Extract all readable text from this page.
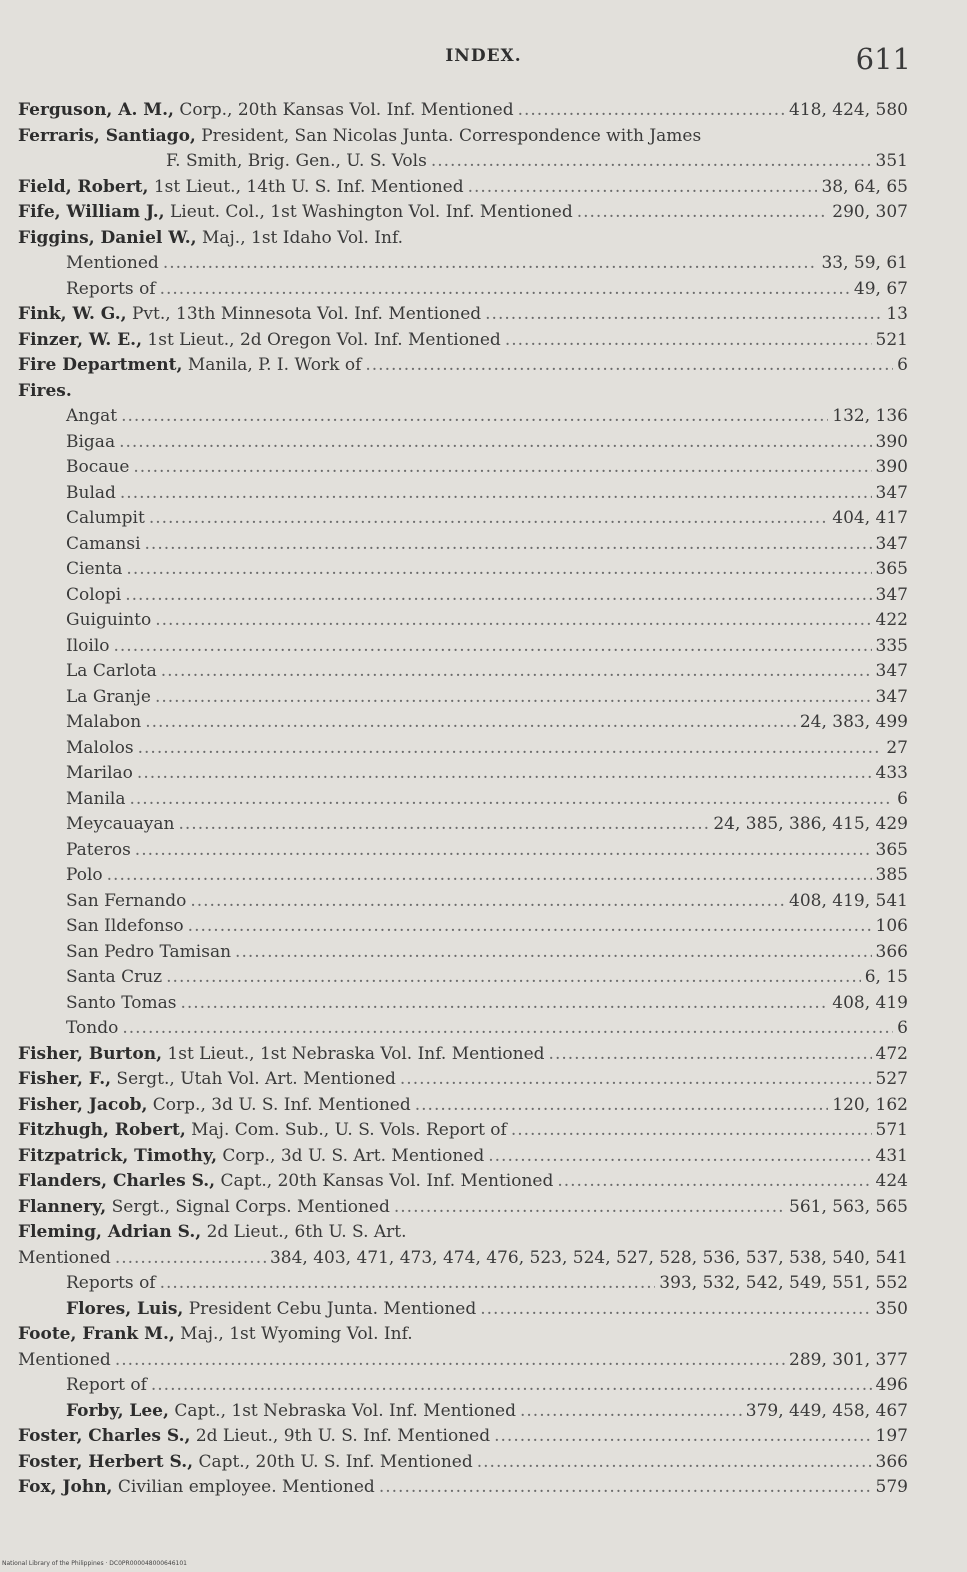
INDEX.	611
Ferguson, A. M., Corp., 20th Kansas Vol. Inf. Mentioned .....	418, 424, 580
Ferraris, Santiago, President, San Nicolas Junta. Correspondence with James
F. Smith, Brig. Gen., U. S. Vols .....	351
Field, Robert, 1st Lieut., 14th U. S. Inf. Mentioned .....	38, 64, 65
Fife, William J., Lieut. Col., 1st Washington Vol. Inf. Mentioned .....	290, 307
Figgins, Daniel W., Maj., 1st Idaho Vol. Inf.
Mentioned .....	33, 59, 61
Reports of .....	49, 67
Fink, W. G., Pvt., 13th Minnesota Vol. Inf. Mentioned .....	13
Finzer, W. E., 1st Lieut., 2d Oregon Vol. Inf. Mentioned .....	521
Fire Department, Manila, P. I. Work of .....	6
Fires.
Angat .....	132, 136
Bigaa .....	390
Bocaue .....	390
Bulad .....	347
Calumpit .....	404, 417
Camansi .....	347
Cienta .....	365
Colopi .....	347
Guiguinto .....	422
Iloilo .....	335
La Carlota .....	347
La Granje .....	347
Malabon .....	24, 383, 499
Malolos .....	27
Marilao .....	433
Manila .....	6
Meycauayan .....	24, 385, 386, 415, 429
Pateros .....	365
Polo .....	385
San Fernando .....	408, 419, 541
San Ildefonso .....	106
San Pedro Tamisan .....	366
Santa Cruz .....	6, 15
Santo Tomas .....	408, 419
Tondo .....	6
Fisher, Burton, 1st Lieut., 1st Nebraska Vol. Inf. Mentioned .....	472
Fisher, F., Sergt., Utah Vol. Art. Mentioned .....	527
Fisher, Jacob, Corp., 3d U. S. Inf. Mentioned .....	120, 162
Fitzhugh, Robert, Maj. Com. Sub., U. S. Vols. Report of .....	571
Fitzpatrick, Timothy, Corp., 3d U. S. Art. Mentioned .....	431
Flanders, Charles S., Capt., 20th Kansas Vol. Inf. Mentioned .....	424
Flannery, Sergt., Signal Corps. Mentioned .....	561, 563, 565
Fleming, Adrian S., 2d Lieut., 6th U. S. Art.
Mentioned .....	384, 403, 471, 473, 474, 476, 523, 524, 527, 528, 536, 537, 538, 540, 541
Reports of .....	393, 532, 542, 549, 551, 552
Flores, Luis, President Cebu Junta. Mentioned .....	350
Foote, Frank M., Maj., 1st Wyoming Vol. Inf.
Mentioned .....	289, 301, 377
Report of .....	496
Forby, Lee, Capt., 1st Nebraska Vol. Inf. Mentioned .....	379, 449, 458, 467
Foster, Charles S., 2d Lieut., 9th U. S. Inf. Mentioned .....	197
Foster, Herbert S., Capt., 20th U. S. Inf. Mentioned .....	366
Fox, John, Civilian employee. Mentioned .....	579
National Library of the Philippines · DC0PR000048000646101
